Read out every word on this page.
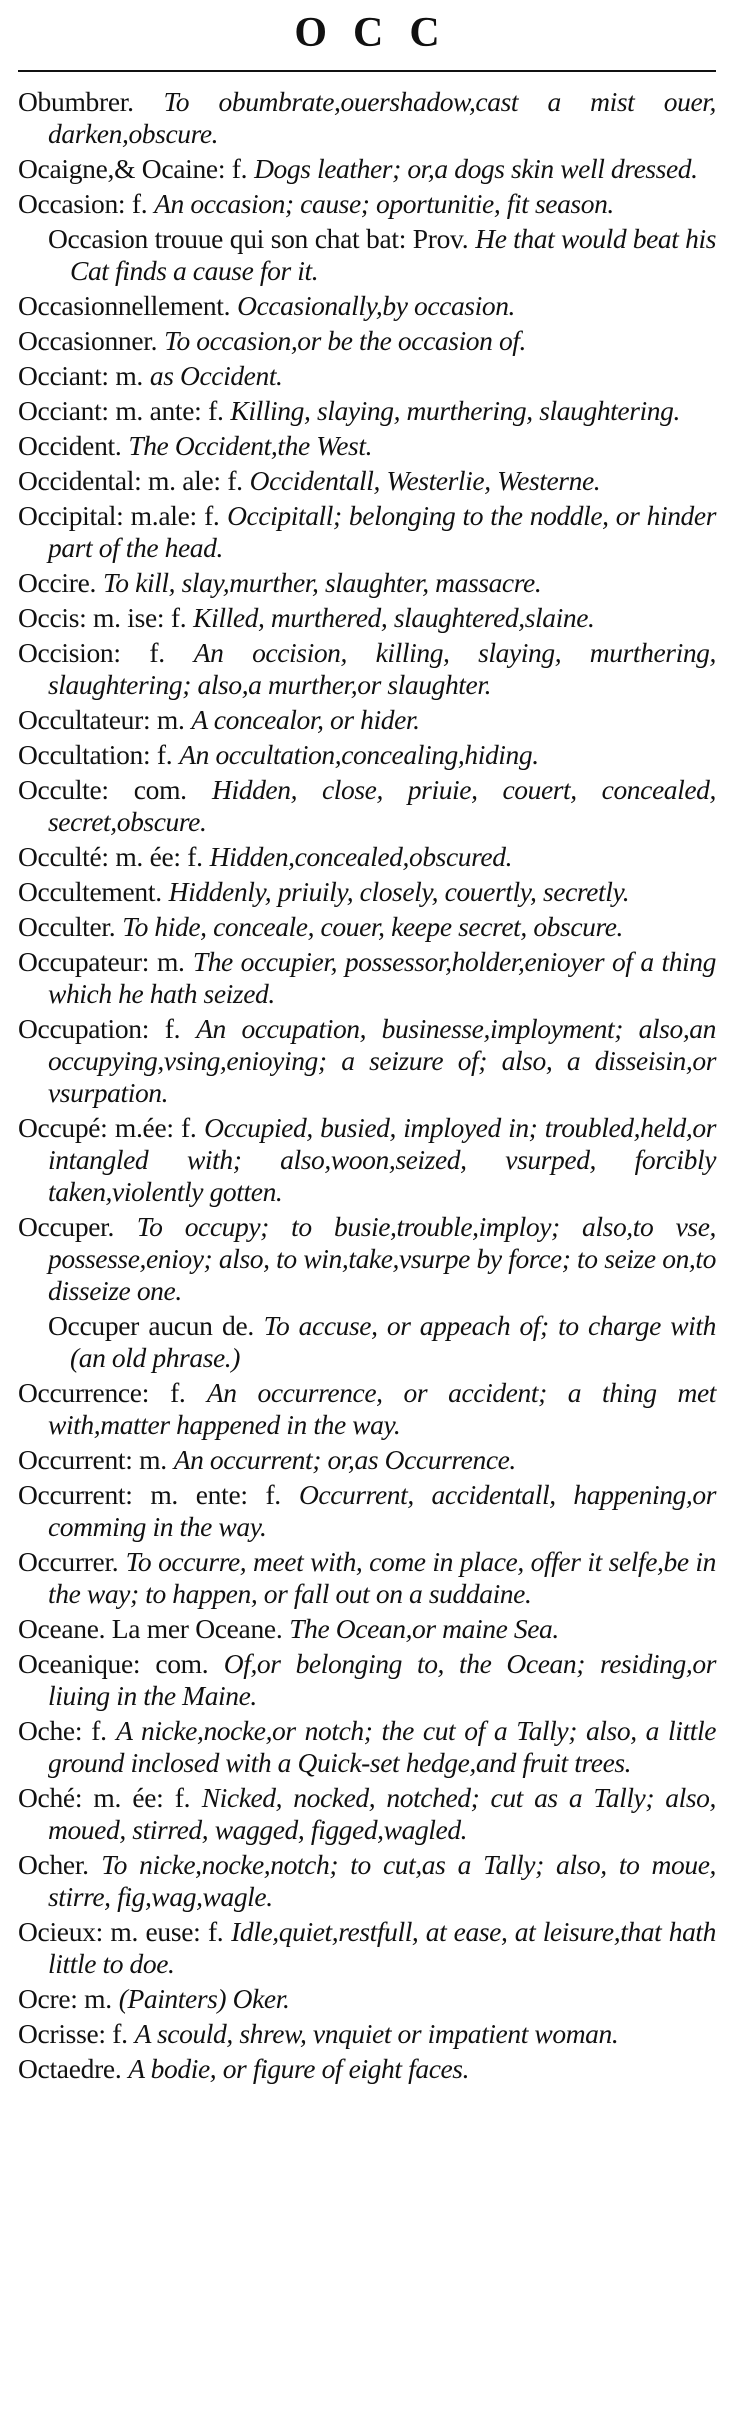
OCC

Obumbrer. To obumbrate,ouershadow,cast a mist ouer, darken,obscure.

Ocaigne,& Ocaine: f. Dogs leather; or,a dogs skin well dressed.

Occasion: f. An occasion; cause; oportunitie, fit season.

Occasion trouue qui son chat bat: Prov. He that would beat his Cat finds a cause for it.

Occasionnellement. Occasionally,by occasion.

Occasionner. To occasion,or be the occasion of.

Occiant: m. as Occident.

Occiant: m. ante: f. Killing, slaying, murthering, slaughtering.

Occident. The Occident,the West.

Occidental: m. ale: f. Occidentall, Westerlie, Westerne.

Occipital: m.ale: f. Occipitall; belonging to the noddle, or hinder part of the head.

Occire. To kill, slay,murther, slaughter, massacre.

Occis: m. ise: f. Killed, murthered, slaughtered,slaine.

Occision: f. An occision, killing, slaying, murthering, slaughtering; also,a murther,or slaughter.

Occultateur: m. A concealor, or hider.

Occultation: f. An occultation,concealing,hiding.

Occulte: com. Hidden, close, priuie, couert, concealed, secret,obscure.

Occulté: m. ée: f. Hidden,concealed,obscured.

Occultement. Hiddenly, priuily, closely, couertly, secretly.

Occulter. To hide, conceale, couer, keepe secret, obscure.

Occupateur: m. The occupier, possessor,holder,enioyer of a thing which he hath seized.

Occupation: f. An occupation, businesse,imployment; also,an occupying,vsing,enioying; a seizure of; also, a disseisin,or vsurpation.

Occupé: m.ée: f. Occupied, busied, imployed in; troubled,held,or intangled with; also,woon,seized, vsurped, forcibly taken,violently gotten.

Occuper. To occupy; to busie,trouble,imploy; also,to vse, possesse,enioy; also, to win,take,vsurpe by force; to seize on,to disseize one.

Occuper aucun de. To accuse, or appeach of; to charge with (an old phrase.)

Occurrence: f. An occurrence, or accident; a thing met with,matter happened in the way.

Occurrent: m. An occurrent; or,as Occurrence.

Occurrent: m. ente: f. Occurrent, accidentall, happening,or comming in the way.

Occurrer. To occurre, meet with, come in place, offer it selfe,be in the way; to happen, or fall out on a suddaine.

Oceane. La mer Oceane. The Ocean,or maine Sea.

Oceanique: com. Of,or belonging to, the Ocean; residing,or liuing in the Maine.

Oche: f. A nicke,nocke,or notch; the cut of a Tally; also, a little ground inclosed with a Quick-set hedge,and fruit trees.

Oché: m. ée: f. Nicked, nocked, notched; cut as a Tally; also, moued, stirred, wagged, figged,wagled.

Ocher. To nicke,nocke,notch; to cut,as a Tally; also, to moue, stirre, fig,wag,wagle.

Ocieux: m. euse: f. Idle,quiet,restfull, at ease, at leisure,that hath little to doe.

Ocre: m. (Painters) Oker.

Ocrisse: f. A scould, shrew, vnquiet or impatient woman.

Octaedre. A bodie, or figure of eight faces.
